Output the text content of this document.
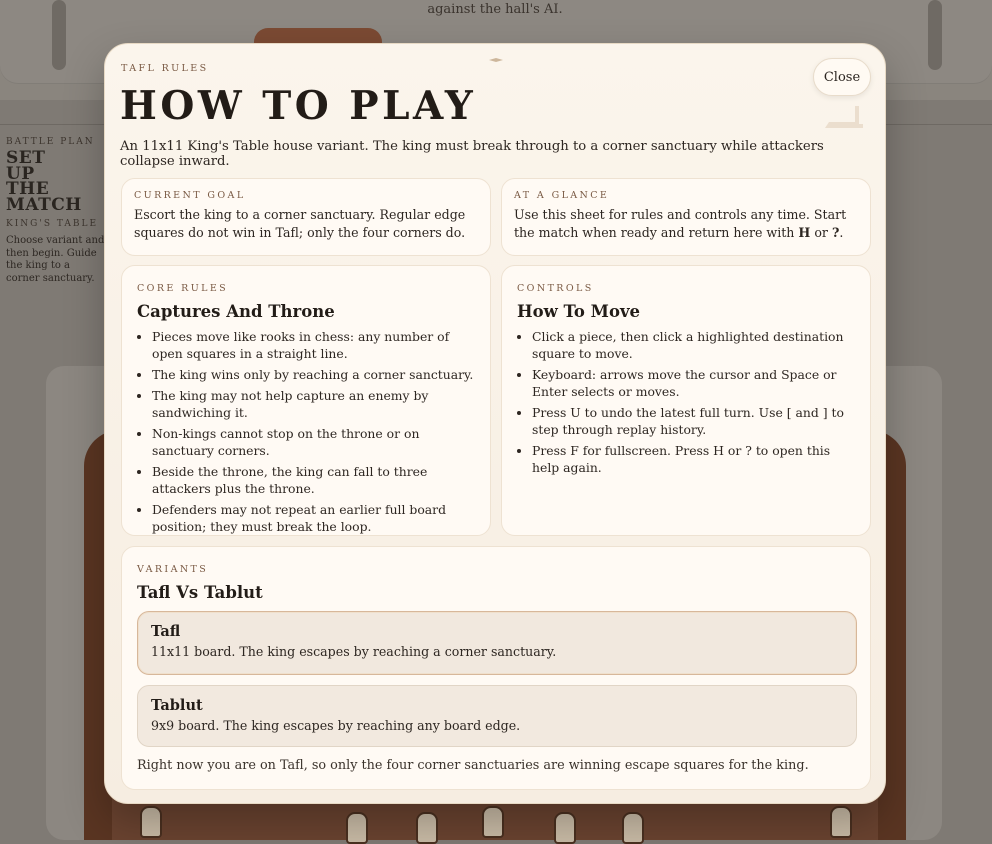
against the hall's AI.
BATTLE PLAN
SET
UP
THE
MATCH
KING'S TABLE
Choose variant and then begin. Guide the king to a corner sanctuary.
TAFL RULES
HOW TO PLAY
An 11x11 King's Table house variant. The king must break through to a corner sanctuary while attackers collapse inward.
Close
CURRENT GOAL
Escort the king to a corner sanctuary. Regular edge squares do not win in Tafl; only the four corners do.
AT A GLANCE
Use this sheet for rules and controls any time. Start the match when ready and return here with H or ?.
CORE RULES
Captures And Throne
• Pieces move like rooks in chess: any number of open squares in a straight line.
• The king wins only by reaching a corner sanctuary.
• The king may not help capture an enemy by sandwiching it.
• Non-kings cannot stop on the throne or on sanctuary corners.
• Beside the throne, the king can fall to three attackers plus the throne.
• Defenders may not repeat an earlier full board position; they must break the loop.
CONTROLS
How To Move
• Click a piece, then click a highlighted destination square to move.
• Keyboard: arrows move the cursor and Space or Enter selects or moves.
• Press U to undo the latest full turn. Use [ and ] to step through replay history.
• Press F for fullscreen. Press H or ? to open this help again.
VARIANTS
Tafl Vs Tablut
Tafl
11x11 board. The king escapes by reaching a corner sanctuary.
Tablut
9x9 board. The king escapes by reaching any board edge.
Right now you are on Tafl, so only the four corner sanctuaries are winning escape squares for the king.
